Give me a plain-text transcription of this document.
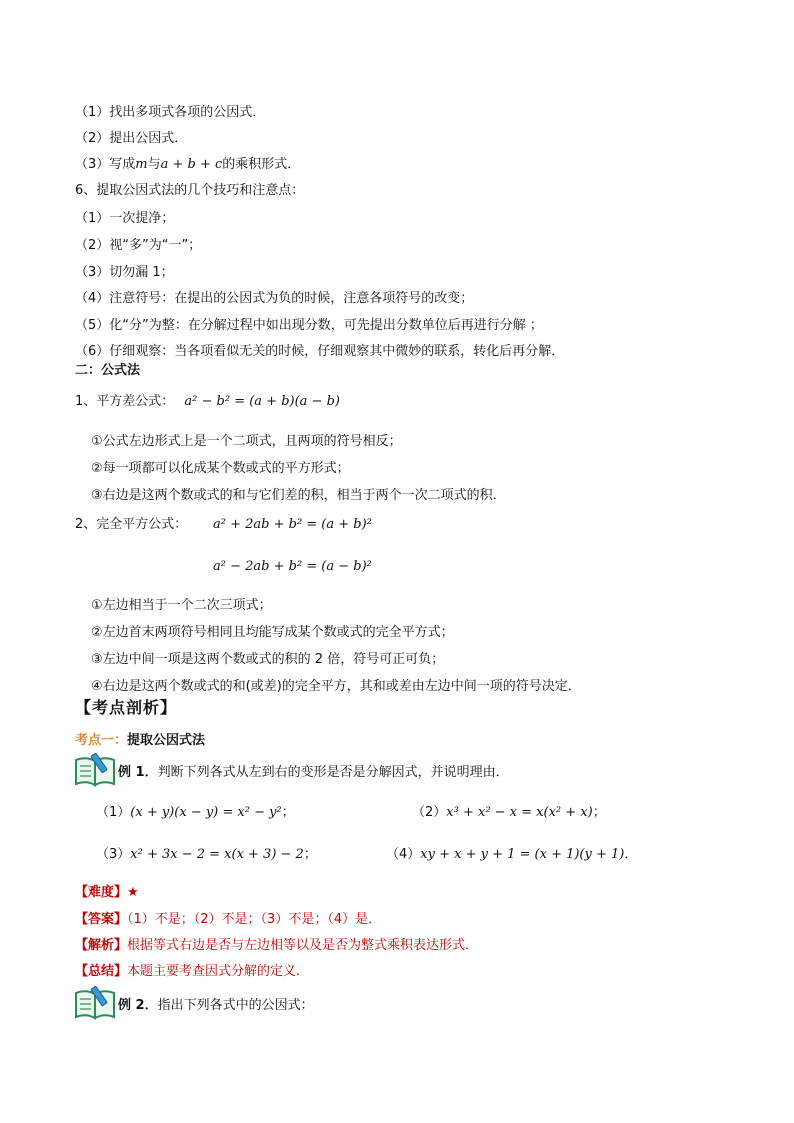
（1）找出多项式各项的公因式．
（2）提出公因式．
（3）写成m与a + b + c的乘积形式．
6、提取公因式法的几个技巧和注意点：
（1）一次提净；
（2）视“多”为“一”；
（3）切勿漏 1；
（4）注意符号：在提出的公因式为负的时候，注意各项符号的改变；
（5）化“分”为整：在分解过程中如出现分数，可先提出分数单位后再进行分解 ；
（6）仔细观察：当各项看似无关的时候，仔细观察其中微妙的联系，转化后再分解．
二：公式法
1、平方差公式： a² − b² = (a + b)(a − b)
①公式左边形式上是一个二项式，且两项的符号相反；
②每一项都可以化成某个数或式的平方形式；
③右边是这两个数或式的和与它们差的积，相当于两个一次二项式的积．
2、完全平方公式： a² + 2ab + b² = (a + b)²
a² − 2ab + b² = (a − b)²
①左边相当于一个二次三项式；
②左边首末两项符号相同且均能写成某个数或式的完全平方式；
③左边中间一项是这两个数或式的积的 2 倍，符号可正可负；
④右边是这两个数或式的和(或差)的完全平方，其和或差由左边中间一项的符号决定．
【考点剖析】
考点一：提取公因式法
例 1．判断下列各式从左到右的变形是否是分解因式，并说明理由．
（1）(x + y)(x − y) = x² − y²；	（2）x³ + x² − x = x(x² + x)；
（3）x² + 3x − 2 = x(x + 3) − 2；	（4）xy + x + y + 1 = (x + 1)(y + 1)．
【难度】★
【答案】（1）不是；（2）不是；（3）不是；（4）是．
【解析】根据等式右边是否与左边相等以及是否为整式乘积表达形式．
【总结】本题主要考查因式分解的定义．
例 2．指出下列各式中的公因式：
